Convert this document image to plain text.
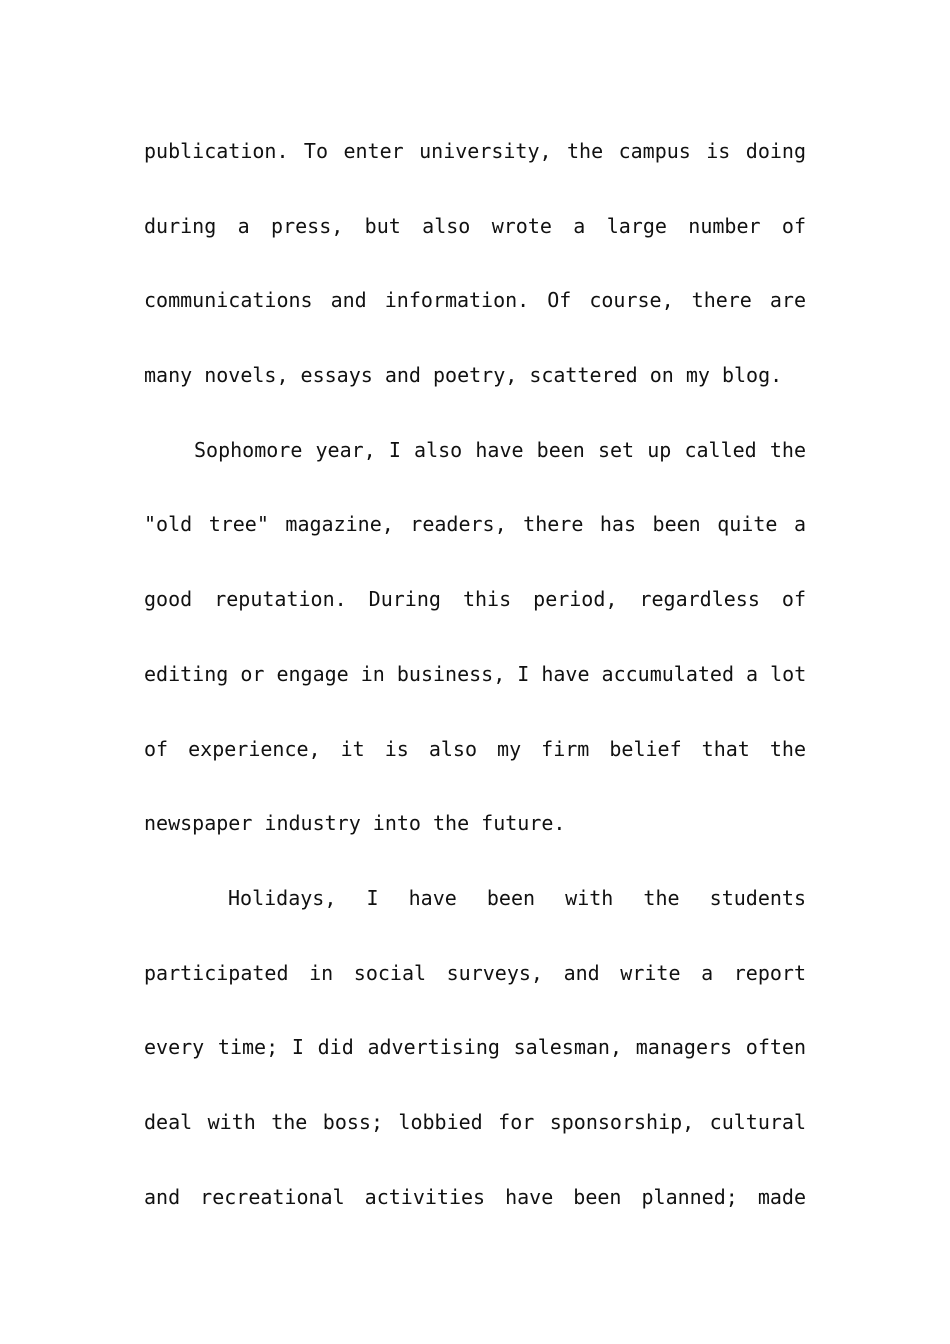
publication. To enter university, the campus is doing
during a press, but also wrote a large number of
communications and information. Of course, there are
many novels, essays and poetry, scattered on my blog.
Sophomore year, I also have been set up called the
"old tree" magazine, readers, there has been quite a
good reputation. During this period, regardless of
editing or engage in business, I have accumulated a lot
of experience, it is also my firm belief that the
newspaper industry into the future.
Holidays, I have been with the students
participated in social surveys, and write a report
every time; I did advertising salesman, managers often
deal with the boss; lobbied for sponsorship, cultural
and recreational activities have been planned; made
